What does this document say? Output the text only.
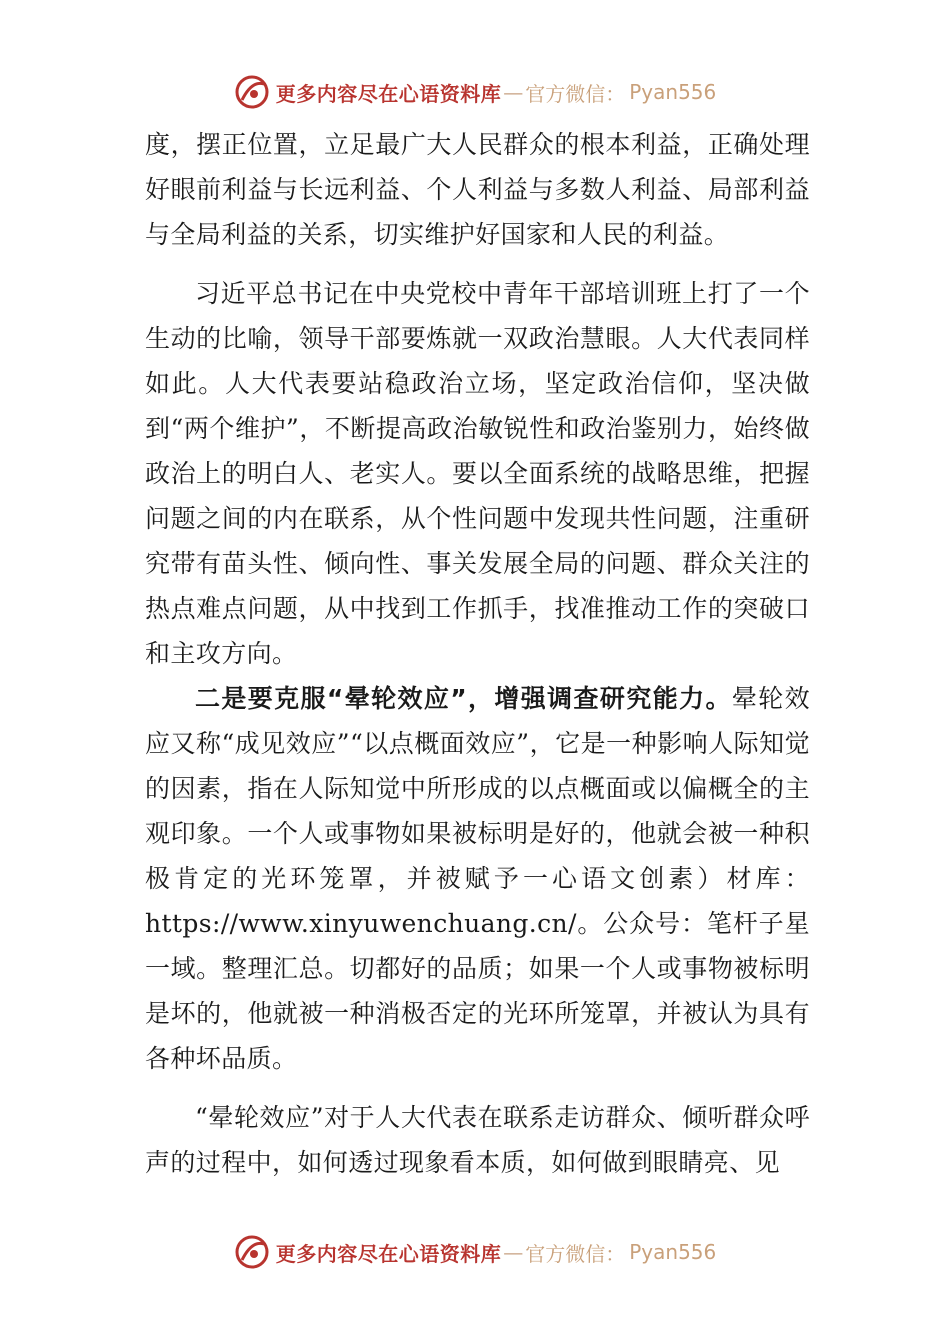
更多内容尽在心语资料库 — 官方微信： Pyan556

度，摆正位置，立足最广大人民群众的根本利益，正确处理好眼前利益与长远利益、个人利益与多数人利益、局部利益与全局利益的关系，切实维护好国家和人民的利益。

习近平总书记在中央党校中青年干部培训班上打了一个生动的比喻，领导干部要炼就一双政治慧眼。人大代表同样如此。人大代表要站稳政治立场，坚定政治信仰，坚决做到“两个维护”，不断提高政治敏锐性和政治鉴别力，始终做政治上的明白人、老实人。要以全面系统的战略思维，把握问题之间的内在联系，从个性问题中发现共性问题，注重研究带有苗头性、倾向性、事关发展全局的问题、群众关注的热点难点问题，从中找到工作抓手，找准推动工作的突破口和主攻方向。

二是要克服“晕轮效应”，增强调查研究能力。晕轮效应又称“成见效应”“以点概面效应”，它是一种影响人际知觉的因素，指在人际知觉中所形成的以点概面或以偏概全的主观印象。一个人或事物如果被标明是好的，他就会被一种积极肯定的光环笼罩，并被赋予一心语文创素）材库：https://www.xinyuwenchuang.cn/。公众号：笔杆子星一域。整理汇总。切都好的品质；如果一个人或事物被标明是坏的，他就被一种消极否定的光环所笼罩，并被认为具有各种坏品质。

“晕轮效应”对于人大代表在联系走访群众、倾听群众呼声的过程中，如何透过现象看本质，如何做到眼睛亮、见

更多内容尽在心语资料库 — 官方微信： Pyan556
